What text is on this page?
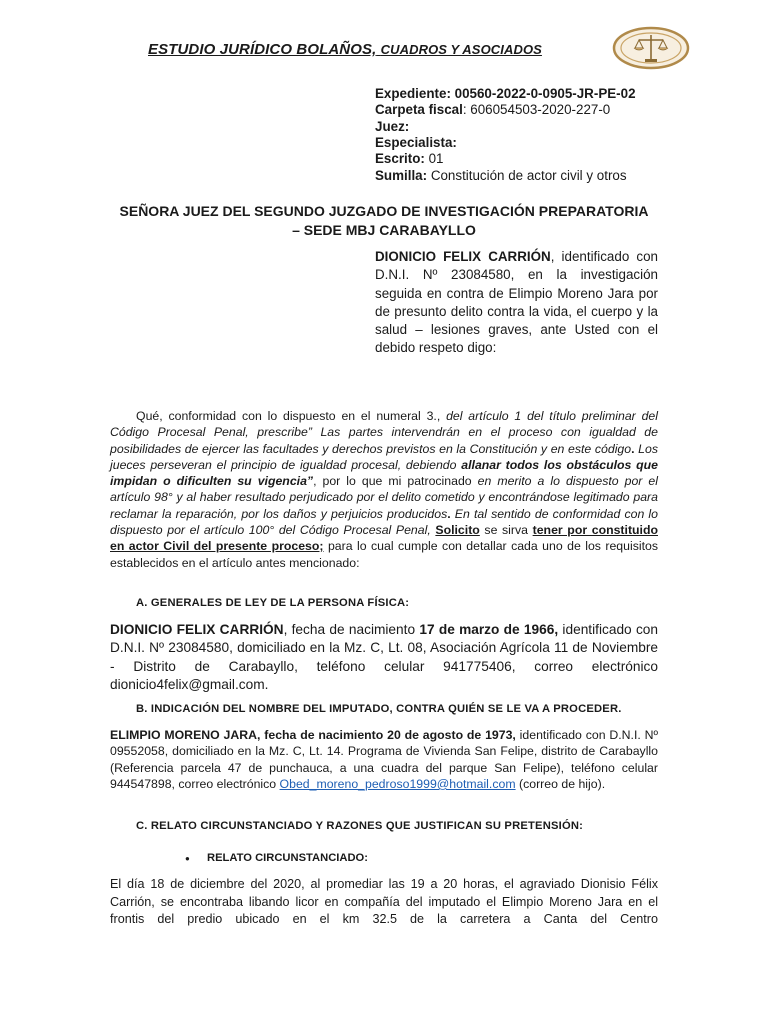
ESTUDIO JURÍDICO BOLAÑOS, CUADROS Y ASOCIADOS
Expediente: 00560-2022-0-0905-JR-PE-02
Carpeta fiscal: 606054503-2020-227-0
Juez:
Especialista:
Escrito: 01
Sumilla: Constitución de actor civil y otros
SEÑORA JUEZ DEL SEGUNDO JUZGADO DE INVESTIGACIÓN PREPARATORIA
– SEDE MBJ CARABAYLLO
DIONICIO FELIX CARRIÓN, identificado con D.N.I. Nº 23084580, en la investigación seguida en contra de Elimpio Moreno Jara por de presunto delito contra la vida, el cuerpo y la salud – lesiones graves, ante Usted con el
debido respeto digo:
Qué, conformidad con lo dispuesto en el numeral 3., del artículo 1 del título preliminar del Código Procesal Penal, prescribe” Las partes intervendrán en el proceso con igualdad de posibilidades de ejercer las facultades y derechos previstos en la Constitución y en este código. Los jueces perseveran el principio de igualdad procesal, debiendo allanar todos los obstáculos que impidan o dificulten su vigencia”, por lo que mi patrocinado en merito a lo dispuesto por el artículo 98° y al haber resultado perjudicado por el delito cometido y encontrándose legitimado para reclamar la reparación, por los daños y perjuicios producidos. En tal sentido de conformidad con lo dispuesto por el artículo 100° del Código Procesal Penal, Solicito se sirva tener por constituido en actor Civil del presente proceso; para lo cual cumple con detallar cada uno de los requisitos establecidos en el artículo antes mencionado:
A. GENERALES DE LEY DE LA PERSONA FÍSICA:
DIONICIO FELIX CARRIÓN, fecha de nacimiento 17 de marzo de 1966, identificado con D.N.I. Nº 23084580, domiciliado en la Mz. C, Lt. 08, Asociación Agrícola 11 de Noviembre - Distrito de Carabayllo, teléfono celular 941775406, correo electrónico dionicio4felix@gmail.com.
B. INDICACIÓN DEL NOMBRE DEL IMPUTADO, CONTRA QUIÉN SE LE VA A PROCEDER.
ELIMPIO MORENO JARA, fecha de nacimiento 20 de agosto de 1973, identificado con D.N.I. Nº 09552058, domiciliado en la Mz. C, Lt. 14. Programa de Vivienda San Felipe, distrito de Carabayllo (Referencia parcela 47 de punchauca, a una cuadra del parque San Felipe), teléfono celular 944547898, correo electrónico Obed_moreno_pedroso1999@hotmail.com (correo de hijo).
C. RELATO CIRCUNSTANCIADO Y RAZONES QUE JUSTIFICAN SU PRETENSIÓN:
● RELATO CIRCUNSTANCIADO:
El día 18 de diciembre del 2020, al promediar las 19 a 20 horas, el agraviado Dionisio Félix Carrión, se encontraba libando licor en compañía del imputado el Elimpio Moreno Jara en el frontis del predio ubicado en el km 32.5 de la carretera a Canta del Centro
